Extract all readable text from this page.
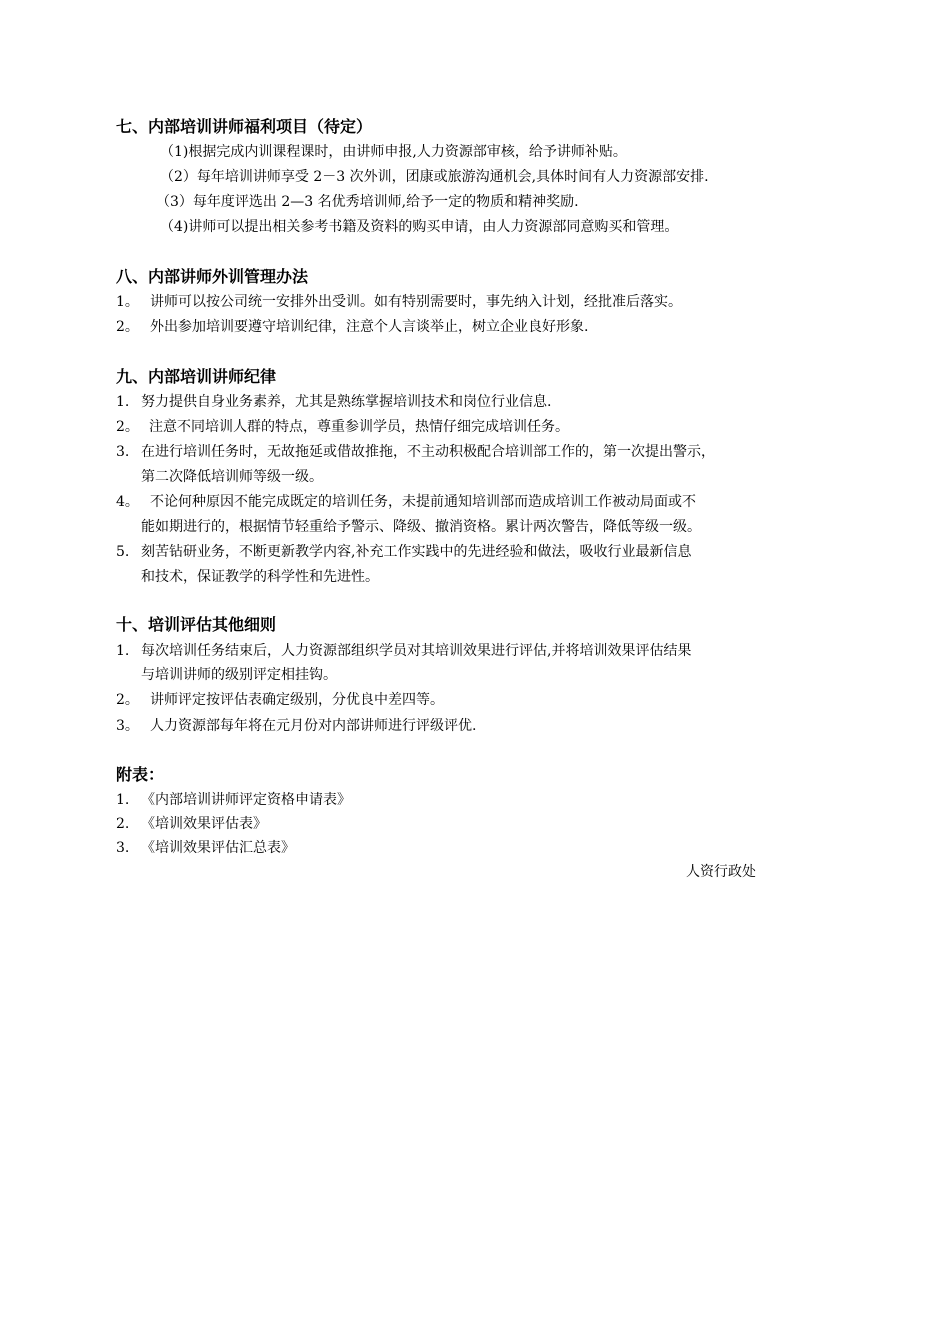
七、内部培训讲师福利项目（待定）
（1)根据完成内训课程课时，由讲师申报,人力资源部审核，给予讲师补贴。
（2）每年培训讲师享受 2－3 次外训，团康或旅游沟通机会,具体时间有人力资源部安排.
（3）每年度评选出 2—3 名优秀培训师,给予一定的物质和精神奖励.
（4)讲师可以提出相关参考书籍及资料的购买申请，由人力资源部同意购买和管理。
八、内部讲师外训管理办法
1。 讲师可以按公司统一安排外出受训。如有特别需要时，事先纳入计划，经批准后落实。
2。 外出参加培训要遵守培训纪律，注意个人言谈举止，树立企业良好形象.
九、内部培训讲师纪律
1. 努力提供自身业务素养，尤其是熟练掌握培训技术和岗位行业信息.
2。 注意不同培训人群的特点，尊重参训学员，热情仔细完成培训任务。
3. 在进行培训任务时，无故拖延或借故推拖，不主动积极配合培训部工作的，第一次提出警示，
第二次降低培训师等级一级。
4。 不论何种原因不能完成既定的培训任务，未提前通知培训部而造成培训工作被动局面或不
能如期进行的，根据情节轻重给予警示、降级、撤消资格。累计两次警告，降低等级一级。
5. 刻苦钻研业务，不断更新教学内容,补充工作实践中的先进经验和做法，吸收行业最新信息
和技术，保证教学的科学性和先进性。
十、培训评估其他细则
1. 每次培训任务结束后，人力资源部组织学员对其培训效果进行评估,并将培训效果评估结果
与培训讲师的级别评定相挂钩。
2。 讲师评定按评估表确定级别，分优良中差四等。
3。 人力资源部每年将在元月份对内部讲师进行评级评优.
附表：
1. 《内部培训讲师评定资格申请表》
2. 《培训效果评估表》
3. 《培训效果评估汇总表》
人资行政处
